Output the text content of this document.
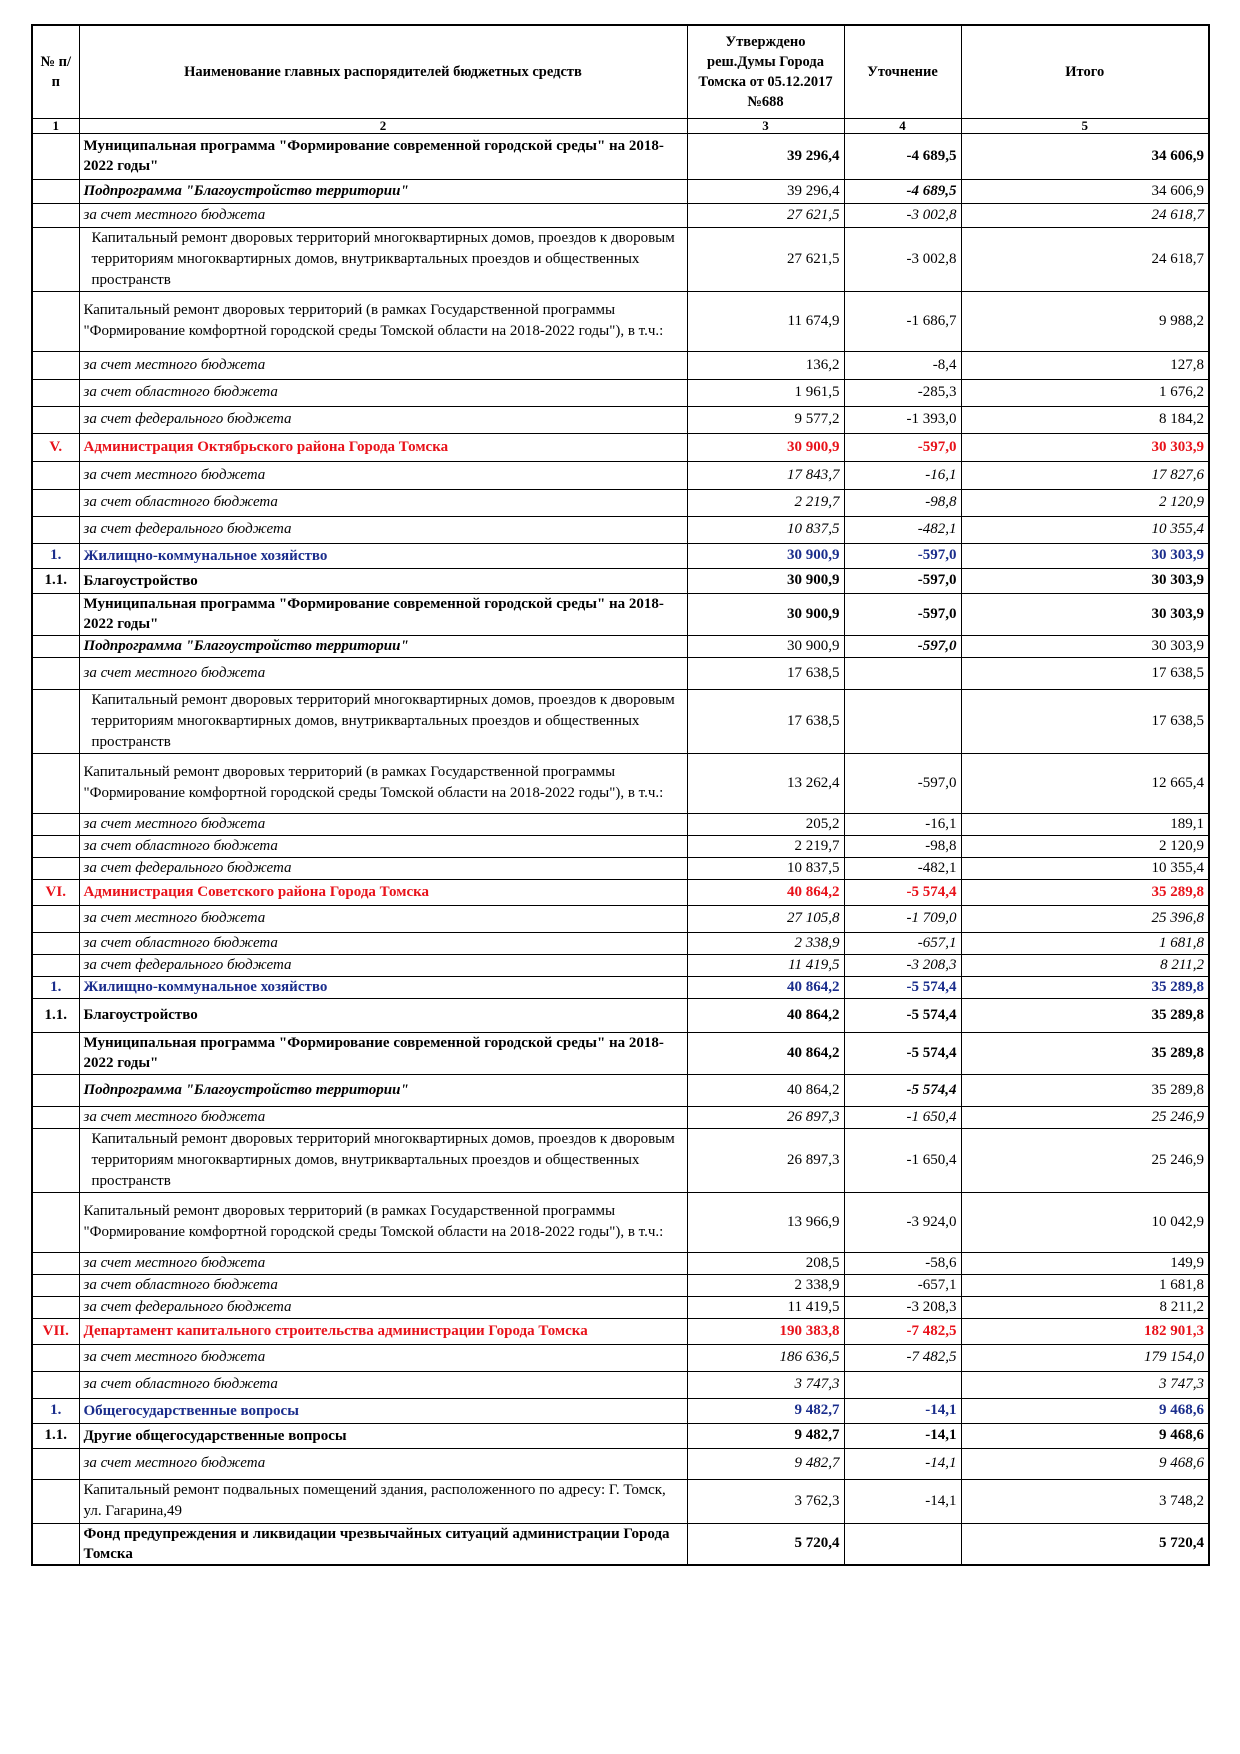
№ п/п	Наименование главных распорядителей бюджетных средств	Утверждено реш.Думы Города Томска от 05.12.2017 №688	Уточнение	Итого
1	2	3	4	5
	Муниципальная программа "Формирование современной городской среды" на 2018-2022 годы"	39 296,4	-4 689,5	34 606,9
	Подпрограмма "Благоустройство территории"	39 296,4	-4 689,5	34 606,9
	за счет местного бюджета	27 621,5	-3 002,8	24 618,7
	Капитальный ремонт дворовых территорий многоквартирных домов, проездов к дворовым территориям многоквартирных домов, внутриквартальных проездов и общественных пространств	27 621,5	-3 002,8	24 618,7
	Капитальный ремонт дворовых территорий (в рамках Государственной программы "Формирование комфортной городской среды Томской области на 2018-2022 годы"), в т.ч.:	11 674,9	-1 686,7	9 988,2
	за счет местного бюджета	136,2	-8,4	127,8
	за счет областного бюджета	1 961,5	-285,3	1 676,2
	за счет федерального бюджета	9 577,2	-1 393,0	8 184,2
V.	Администрация Октябрьского района Города Томска	30 900,9	-597,0	30 303,9
	за счет местного бюджета	17 843,7	-16,1	17 827,6
	за счет областного бюджета	2 219,7	-98,8	2 120,9
	за счет федерального бюджета	10 837,5	-482,1	10 355,4
1.	Жилищно-коммунальное хозяйство	30 900,9	-597,0	30 303,9
1.1.	Благоустройство	30 900,9	-597,0	30 303,9
	Муниципальная программа "Формирование современной городской среды" на 2018-2022 годы"	30 900,9	-597,0	30 303,9
	Подпрограмма "Благоустройство территории"	30 900,9	-597,0	30 303,9
	за счет местного бюджета	17 638,5		17 638,5
	Капитальный ремонт дворовых территорий многоквартирных домов, проездов к дворовым территориям многоквартирных домов, внутриквартальных проездов и общественных пространств	17 638,5		17 638,5
	Капитальный ремонт дворовых территорий (в рамках Государственной программы "Формирование комфортной городской среды Томской области на 2018-2022 годы"), в т.ч.:	13 262,4	-597,0	12 665,4
	за счет местного бюджета	205,2	-16,1	189,1
	за счет областного бюджета	2 219,7	-98,8	2 120,9
	за счет федерального бюджета	10 837,5	-482,1	10 355,4
VI.	Администрация Советского района Города Томска	40 864,2	-5 574,4	35 289,8
	за счет местного бюджета	27 105,8	-1 709,0	25 396,8
	за счет областного бюджета	2 338,9	-657,1	1 681,8
	за счет федерального бюджета	11 419,5	-3 208,3	8 211,2
1.	Жилищно-коммунальное хозяйство	40 864,2	-5 574,4	35 289,8
1.1.	Благоустройство	40 864,2	-5 574,4	35 289,8
	Муниципальная программа "Формирование современной городской среды" на 2018-2022 годы"	40 864,2	-5 574,4	35 289,8
	Подпрограмма "Благоустройство территории"	40 864,2	-5 574,4	35 289,8
	за счет местного бюджета	26 897,3	-1 650,4	25 246,9
	Капитальный ремонт дворовых территорий многоквартирных домов, проездов к дворовым территориям многоквартирных домов, внутриквартальных проездов и общественных пространств	26 897,3	-1 650,4	25 246,9
	Капитальный ремонт дворовых территорий (в рамках Государственной программы "Формирование комфортной городской среды Томской области на 2018-2022 годы"), в т.ч.:	13 966,9	-3 924,0	10 042,9
	за счет местного бюджета	208,5	-58,6	149,9
	за счет областного бюджета	2 338,9	-657,1	1 681,8
	за счет федерального бюджета	11 419,5	-3 208,3	8 211,2
VII.	Департамент капитального строительства администрации Города Томска	190 383,8	-7 482,5	182 901,3
	за счет местного бюджета	186 636,5	-7 482,5	179 154,0
	за счет областного бюджета	3 747,3		3 747,3
1.	Общегосударственные вопросы	9 482,7	-14,1	9 468,6
1.1.	Другие общегосударственные вопросы	9 482,7	-14,1	9 468,6
	за счет местного бюджета	9 482,7	-14,1	9 468,6
	Капитальный ремонт подвальных помещений здания, расположенного по адресу: Г. Томск, ул. Гагарина,49	3 762,3	-14,1	3 748,2
	Фонд предупреждения и ликвидации чрезвычайных ситуаций администрации Города Томска	5 720,4		5 720,4
